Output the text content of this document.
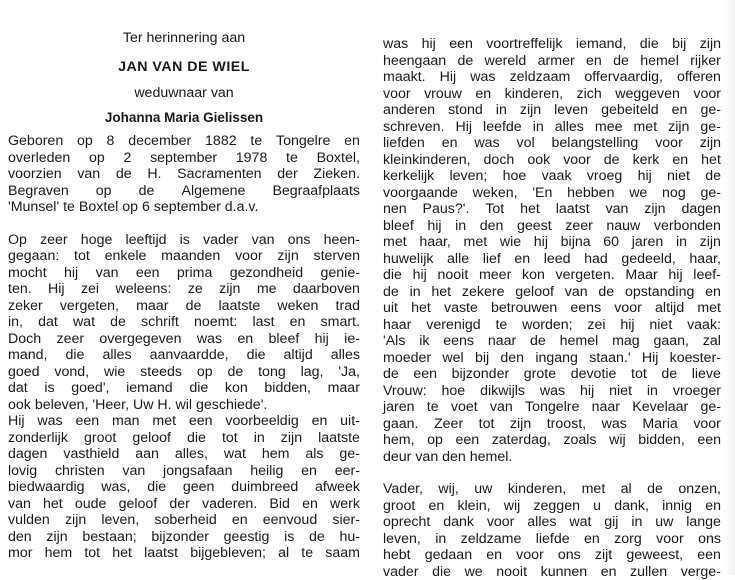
Ter herinnering aan
JAN VAN DE WIEL
weduwnaar van
Johanna Maria Gielissen
Geboren op 8 december 1882 te Tongelre en
overleden op 2 september 1978 te Boxtel,
voorzien van de H. Sacramenten der Zieken.
Begraven op de Algemene Begraafplaats
'Munsel' te Boxtel op 6 september d.a.v.
Op zeer hoge leeftijd is vader van ons heen-
gegaan: tot enkele maanden voor zijn sterven
mocht hij van een prima gezondheid genie-
ten. Hij zei weleens: ze zijn me daarboven
zeker vergeten, maar de laatste weken trad
in, dat wat de schrift noemt: last en smart.
Doch zeer overgegeven was en bleef hij ie-
mand, die alles aanvaardde, die altijd alles
goed vond, wie steeds op de tong lag, 'Ja,
dat is goed', iemand die kon bidden, maar
ook beleven, 'Heer, Uw H. wil geschiede'.
Hij was een man met een voorbeeldig en uit-
zonderlijk groot geloof die tot in zijn laatste
dagen vasthield aan alles, wat hem als ge-
lovig christen van jongsafaan heilig en eer-
biedwaardig was, die geen duimbreed afweek
van het oude geloof der vaderen. Bid en werk
vulden zijn leven, soberheid en eenvoud sier-
den zijn bestaan; bijzonder geestig is de hu-
mor hem tot het laatst bijgebleven; al te saam
was hij een voortreffelijk iemand, die bij zijn
heengaan de wereld armer en de hemel rijker
maakt. Hij was zeldzaam offervaardig, offeren
voor vrouw en kinderen, zich weggeven voor
anderen stond in zijn leven gebeiteld en ge-
schreven. Hij leefde in alles mee met zijn ge-
liefden en was vol belangstelling voor zijn
kleinkinderen, doch ook voor de kerk en het
kerkelijk leven; hoe vaak vroeg hij niet de
voorgaande weken, 'En hebben we nog ge-
nen Paus?'. Tot het laatst van zijn dagen
bleef hij in den geest zeer nauw verbonden
met haar, met wie hij bijna 60 jaren in zijn
huwelijk alle lief en leed had gedeeld, haar,
die hij nooit meer kon vergeten. Maar hij leef-
de in het zekere geloof van de opstanding en
uit het vaste betrouwen eens voor altijd met
haar verenigd te worden; zei hij niet vaak:
'Als ik eens naar de hemel mag gaan, zal
moeder wel bij den ingang staan.' Hij koester-
de een bijzonder grote devotie tot de lieve
Vrouw: hoe dikwijls was hij niet in vroeger
jaren te voet van Tongelre naar Kevelaar ge-
gaan. Zeer tot zijn troost, was Maria voor
hem, op een zaterdag, zoals wij bidden, een
deur van den hemel.
Vader, wij, uw kinderen, met al de onzen,
groot en klein, wij zeggen u dank, innig en
oprecht dank voor alles wat gij in uw lange
leven, in zeldzame liefde en zorg voor ons
hebt gedaan en voor ons zijt geweest, een
vader die we nooit kunnen en zullen verge-
